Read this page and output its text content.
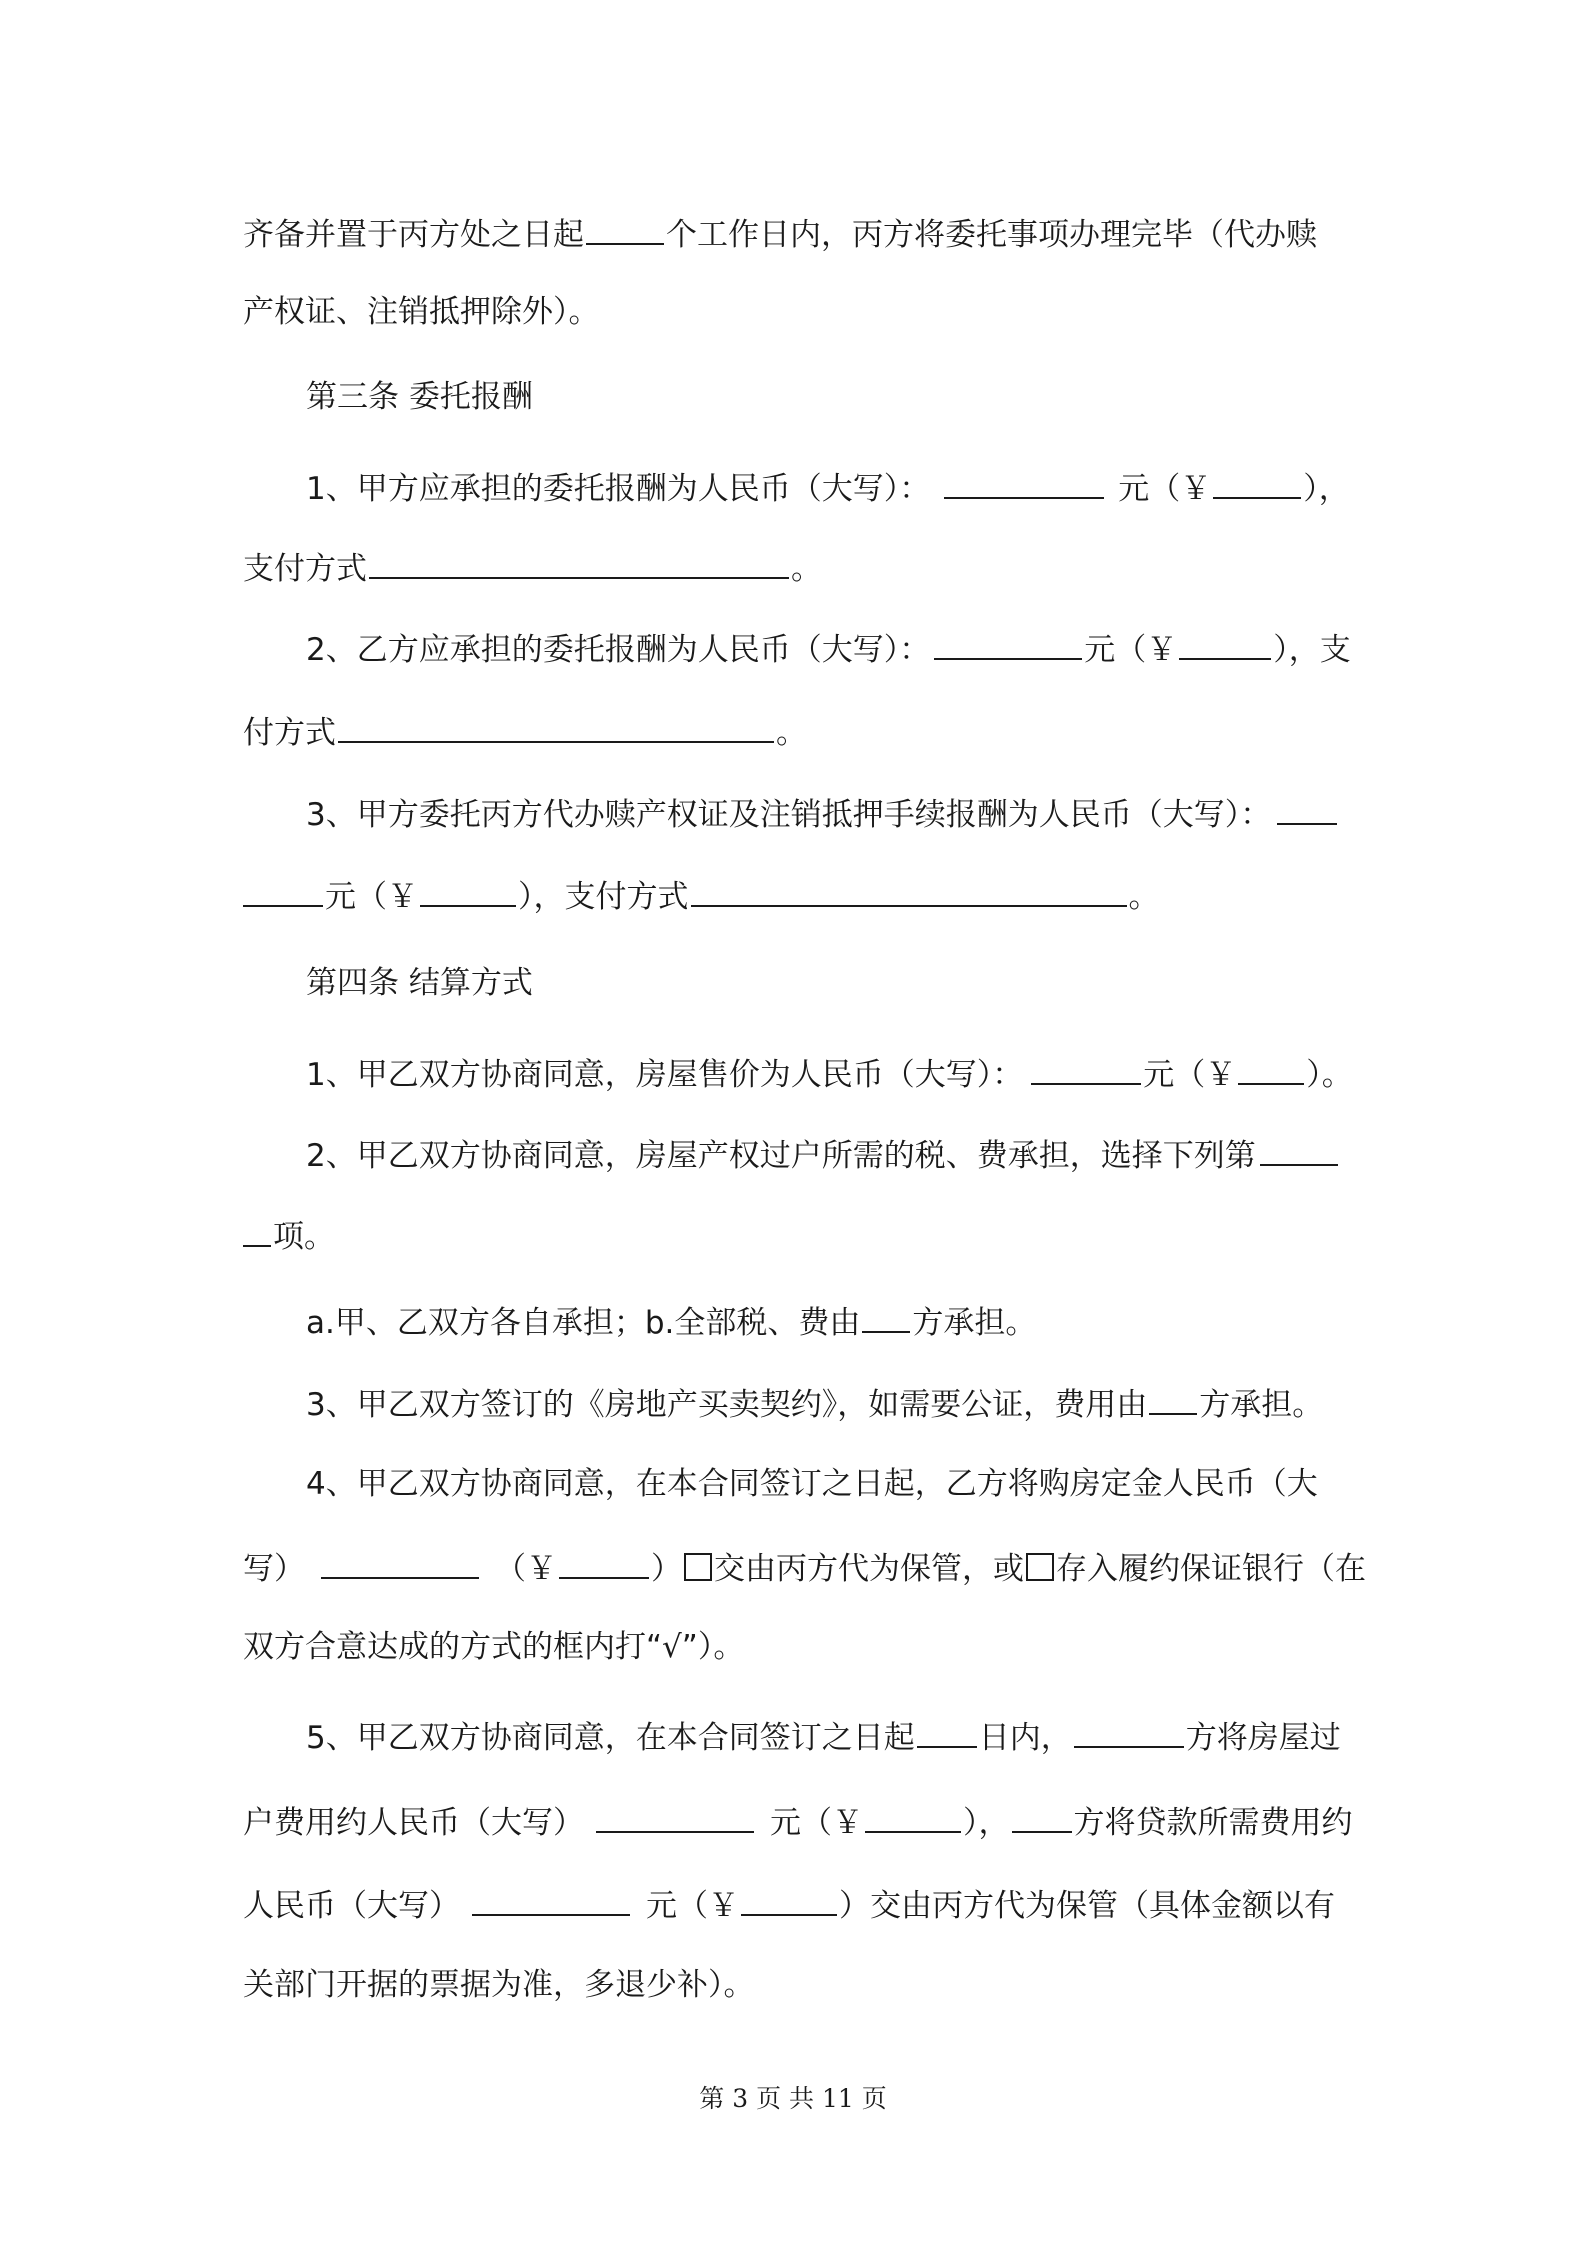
齐备并置于丙方处之日起	个工作日内，丙方将委托事项办理完毕（代办赎
产权证、注销抵押除外）。
第三条 委托报酬
1、甲方应承担的委托报酬为人民币（大写）：	元（￥	），
支付方式	。
2、乙方应承担的委托报酬为人民币（大写）：	元（￥	），支
付方式	。
3、甲方委托丙方代办赎产权证及注销抵押手续报酬为人民币（大写）：
元（￥	），支付方式	。
第四条 结算方式
1、甲乙双方协商同意，房屋售价为人民币（大写）：	元（￥ ）。
2、甲乙双方协商同意，房屋产权过户所需的税、费承担，选择下列第
项。
a.甲、乙双方各自承担；b.全部税、费由 方承担。
3、甲乙双方签订的《房地产买卖契约》，如需要公证，费用由 方承担。
4、甲乙双方协商同意，在本合同签订之日起，乙方将购房定金人民币（大
写）	（￥	） 交由丙方代为保管，或 存入履约保证银行（在
双方合意达成的方式的框内打“√”）。
5、甲乙双方协商同意，在本合同签订之日起 日内，	方将房屋过
户费用约人民币（大写）	元（￥	）， 方将贷款所需费用约
人民币（大写）	元（￥	）交由丙方代为保管（具体金额以有
关部门开据的票据为准，多退少补）。
第 3 页 共 11 页
